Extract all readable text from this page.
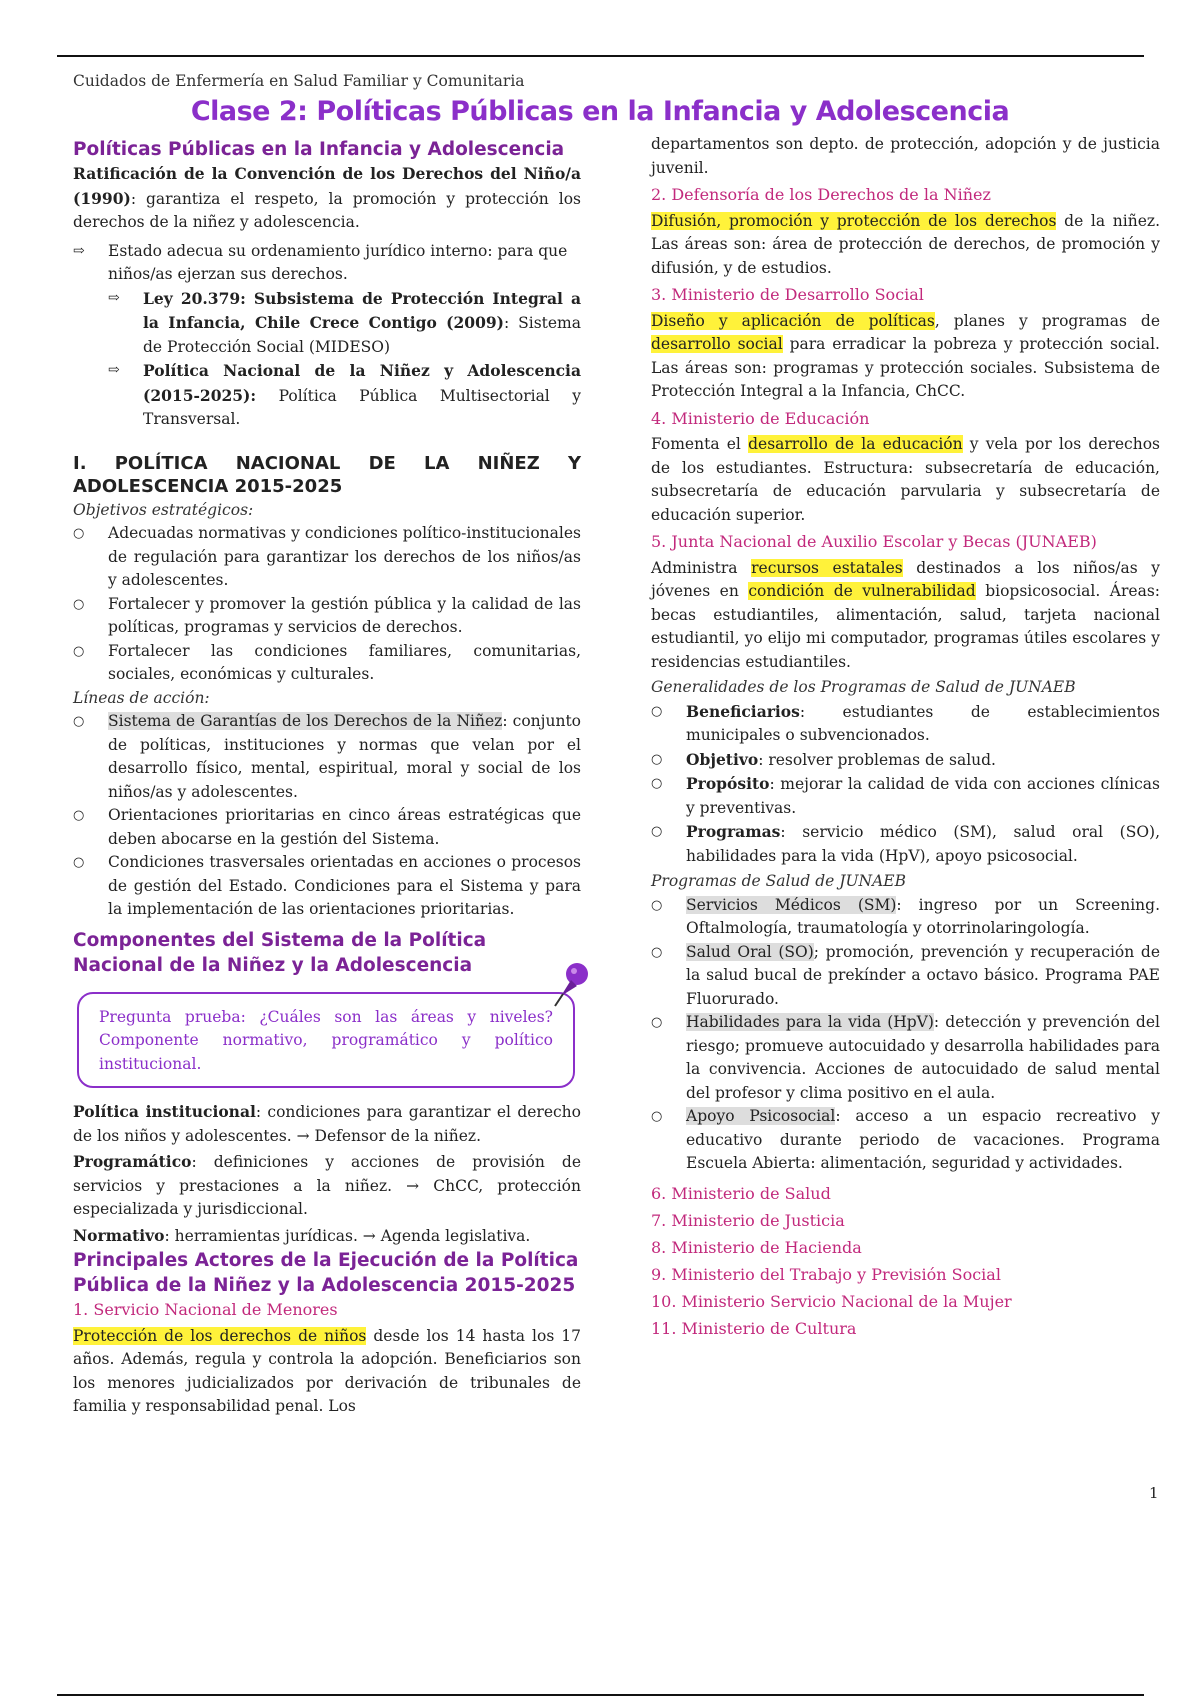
Cuidados de Enfermería en Salud Familiar y Comunitaria
Clase 2: Políticas Públicas en la Infancia y Adolescencia
Políticas Públicas en la Infancia y Adolescencia

Ratificación de la Convención de los Derechos del Niño/a (1990): garantiza el respeto, la promoción y protección los derechos de la niñez y adolescencia.

⇨ Estado adecua su ordenamiento jurídico interno: para que niños/as ejerzan sus derechos.
⇨ Ley 20.379: Subsistema de Protección Integral a la Infancia, Chile Crece Contigo (2009): Sistema de Protección Social (MIDESO)
⇨ Política Nacional de la Niñez y Adolescencia (2015-2025): Política Pública Multisectorial y Transversal.
I. POLÍTICA NACIONAL DE LA NIÑEZ Y ADOLESCENCIA 2015-2025
Objetivos estratégicos:
○ Adecuadas normativas y condiciones político-institucionales de regulación para garantizar los derechos de los niños/as y adolescentes.
○ Fortalecer y promover la gestión pública y la calidad de las políticas, programas y servicios de derechos.
○ Fortalecer las condiciones familiares, comunitarias, sociales, económicas y culturales.
Líneas de acción:
○ Sistema de Garantías de los Derechos de la Niñez: conjunto de políticas, instituciones y normas que velan por el desarrollo físico, mental, espiritual, moral y social de los niños/as y adolescentes.
○ Orientaciones prioritarias en cinco áreas estratégicas que deben abocarse en la gestión del Sistema.
○ Condiciones trasversales orientadas en acciones o procesos de gestión del Estado. Condiciones para el Sistema y para la implementación de las orientaciones prioritarias.
Componentes del Sistema de la Política Nacional de la Niñez y la Adolescencia
Pregunta prueba: ¿Cuáles son las áreas y niveles? Componente normativo, programático y político institucional.

Política institucional: condiciones para garantizar el derecho de los niños y adolescentes. → Defensor de la niñez.

Programático: definiciones y acciones de provisión de servicios y prestaciones a la niñez. → ChCC, protección especializada y jurisdiccional.

Normativo: herramientas jurídicas. → Agenda legislativa.

Principales Actores de la Ejecución de la Política Pública de la Niñez y la Adolescencia 2015-2025
1. Servicio Nacional de Menores

Protección de los derechos de niños desde los 14 hasta los 17 años. Además, regula y controla la adopción. Beneficiarios son los menores judicializados por derivación de tribunales de familia y responsabilidad penal. Los

departamentos son depto. de protección, adopción y de justicia juvenil.

2. Defensoría de los Derechos de la Niñez

Difusión, promoción y protección de los derechos de la niñez. Las áreas son: área de protección de derechos, de promoción y difusión, y de estudios.

3. Ministerio de Desarrollo Social

Diseño y aplicación de políticas, planes y programas de desarrollo social para erradicar la pobreza y protección social. Las áreas son: programas y protección sociales. Subsistema de Protección Integral a la Infancia, ChCC.

4. Ministerio de Educación

Fomenta el desarrollo de la educación y vela por los derechos de los estudiantes. Estructura: subsecretaría de educación, subsecretaría de educación parvularia y subsecretaría de educación superior.

5. Junta Nacional de Auxilio Escolar y Becas (JUNAEB)

Administra recursos estatales destinados a los niños/as y jóvenes en condición de vulnerabilidad biopsicosocial. Áreas: becas estudiantiles, alimentación, salud, tarjeta nacional estudiantil, yo elijo mi computador, programas útiles escolares y residencias estudiantiles.

Generalidades de los Programas de Salud de JUNAEB
○ Beneficiarios: estudiantes de establecimientos municipales o subvencionados.
○ Objetivo: resolver problemas de salud.
○ Propósito: mejorar la calidad de vida con acciones clínicas y preventivas.
○ Programas: servicio médico (SM), salud oral (SO), habilidades para la vida (HpV), apoyo psicosocial.
Programas de Salud de JUNAEB
○ Servicios Médicos (SM): ingreso por un Screening. Oftalmología, traumatología y otorrinolaringología.
○ Salud Oral (SO); promoción, prevención y recuperación de la salud bucal de prekínder a octavo básico. Programa PAE Fluorurado.
○ Habilidades para la vida (HpV): detección y prevención del riesgo; promueve autocuidado y desarrolla habilidades para la convivencia. Acciones de autocuidado de salud mental del profesor y clima positivo en el aula.
○ Apoyo Psicosocial: acceso a un espacio recreativo y educativo durante periodo de vacaciones. Programa Escuela Abierta: alimentación, seguridad y actividades.
6. Ministerio de Salud
7. Ministerio de Justicia
8. Ministerio de Hacienda
9. Ministerio del Trabajo y Previsión Social
10. Ministerio Servicio Nacional de la Mujer
11. Ministerio de Cultura
1
